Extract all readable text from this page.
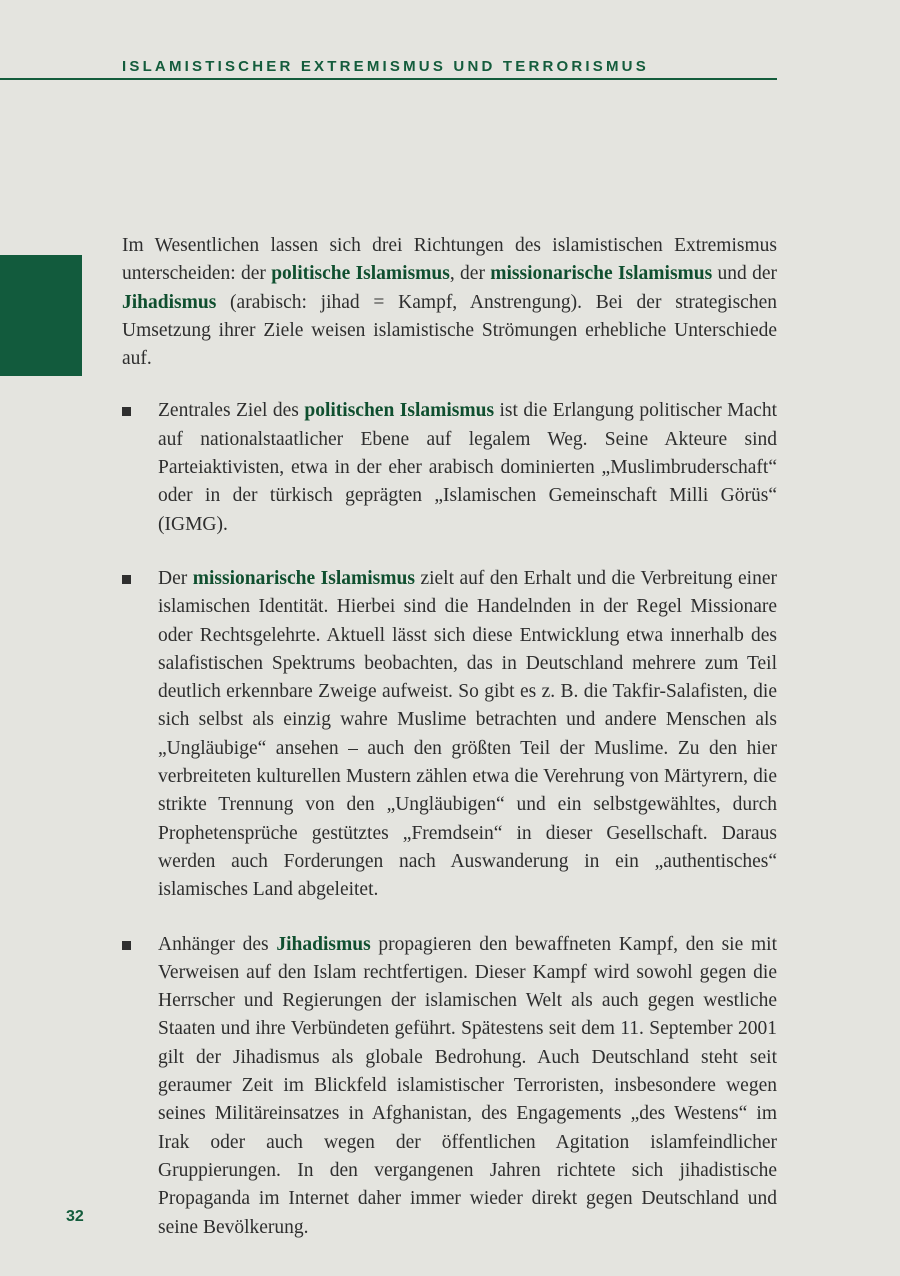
ISLAMISTISCHER EXTREMISMUS UND TERRORISMUS

Im Wesentlichen lassen sich drei Richtungen des islamistischen Extremismus unterscheiden: der politische Islamismus, der missionarische Islamismus und der Jihadismus (arabisch: jihad = Kampf, Anstrengung). Bei der strategischen Umsetzung ihrer Ziele weisen islamistische Strömungen erhebliche Unterschiede auf.

Zentrales Ziel des politischen Islamismus ist die Erlangung politischer Macht auf nationalstaatlicher Ebene auf legalem Weg. Seine Akteure sind Parteiaktivisten, etwa in der eher arabisch dominierten „Muslimbruderschaft“ oder in der türkisch geprägten „Islamischen Gemeinschaft Milli Görüs“ (IGMG).
Der missionarische Islamismus zielt auf den Erhalt und die Verbreitung einer islamischen Identität. Hierbei sind die Handelnden in der Regel Missionare oder Rechtsgelehrte. Aktuell lässt sich diese Entwicklung etwa innerhalb des salafistischen Spektrums beobachten, das in Deutschland mehrere zum Teil deutlich erkennbare Zweige aufweist. So gibt es z. B. die Takfir-Salafisten, die sich selbst als einzig wahre Muslime betrachten und andere Menschen als „Ungläubige“ ansehen – auch den größten Teil der Muslime. Zu den hier verbreiteten kulturellen Mustern zählen etwa die Verehrung von Märtyrern, die strikte Trennung von den „Ungläubigen“ und ein selbstgewähltes, durch Prophetensprüche gestütztes „Fremdsein“ in dieser Gesellschaft. Daraus werden auch Forderungen nach Auswanderung in ein „authentisches“ islamisches Land abgeleitet.
Anhänger des Jihadismus propagieren den bewaffneten Kampf, den sie mit Verweisen auf den Islam rechtfertigen. Dieser Kampf wird sowohl gegen die Herrscher und Regierungen der islamischen Welt als auch gegen westliche Staaten und ihre Verbündeten geführt. Spätestens seit dem 11. September 2001 gilt der Jihadismus als globale Bedrohung. Auch Deutschland steht seit geraumer Zeit im Blickfeld islamistischer Terroristen, insbesondere wegen seines Militäreinsatzes in Afghanistan, des Engagements „des Westens“ im Irak oder auch wegen der öffentlichen Agitation islamfeindlicher Gruppierungen. In den vergangenen Jahren richtete sich jihadistische Propaganda im Internet daher immer wieder direkt gegen Deutschland und seine Bevölkerung.
32
